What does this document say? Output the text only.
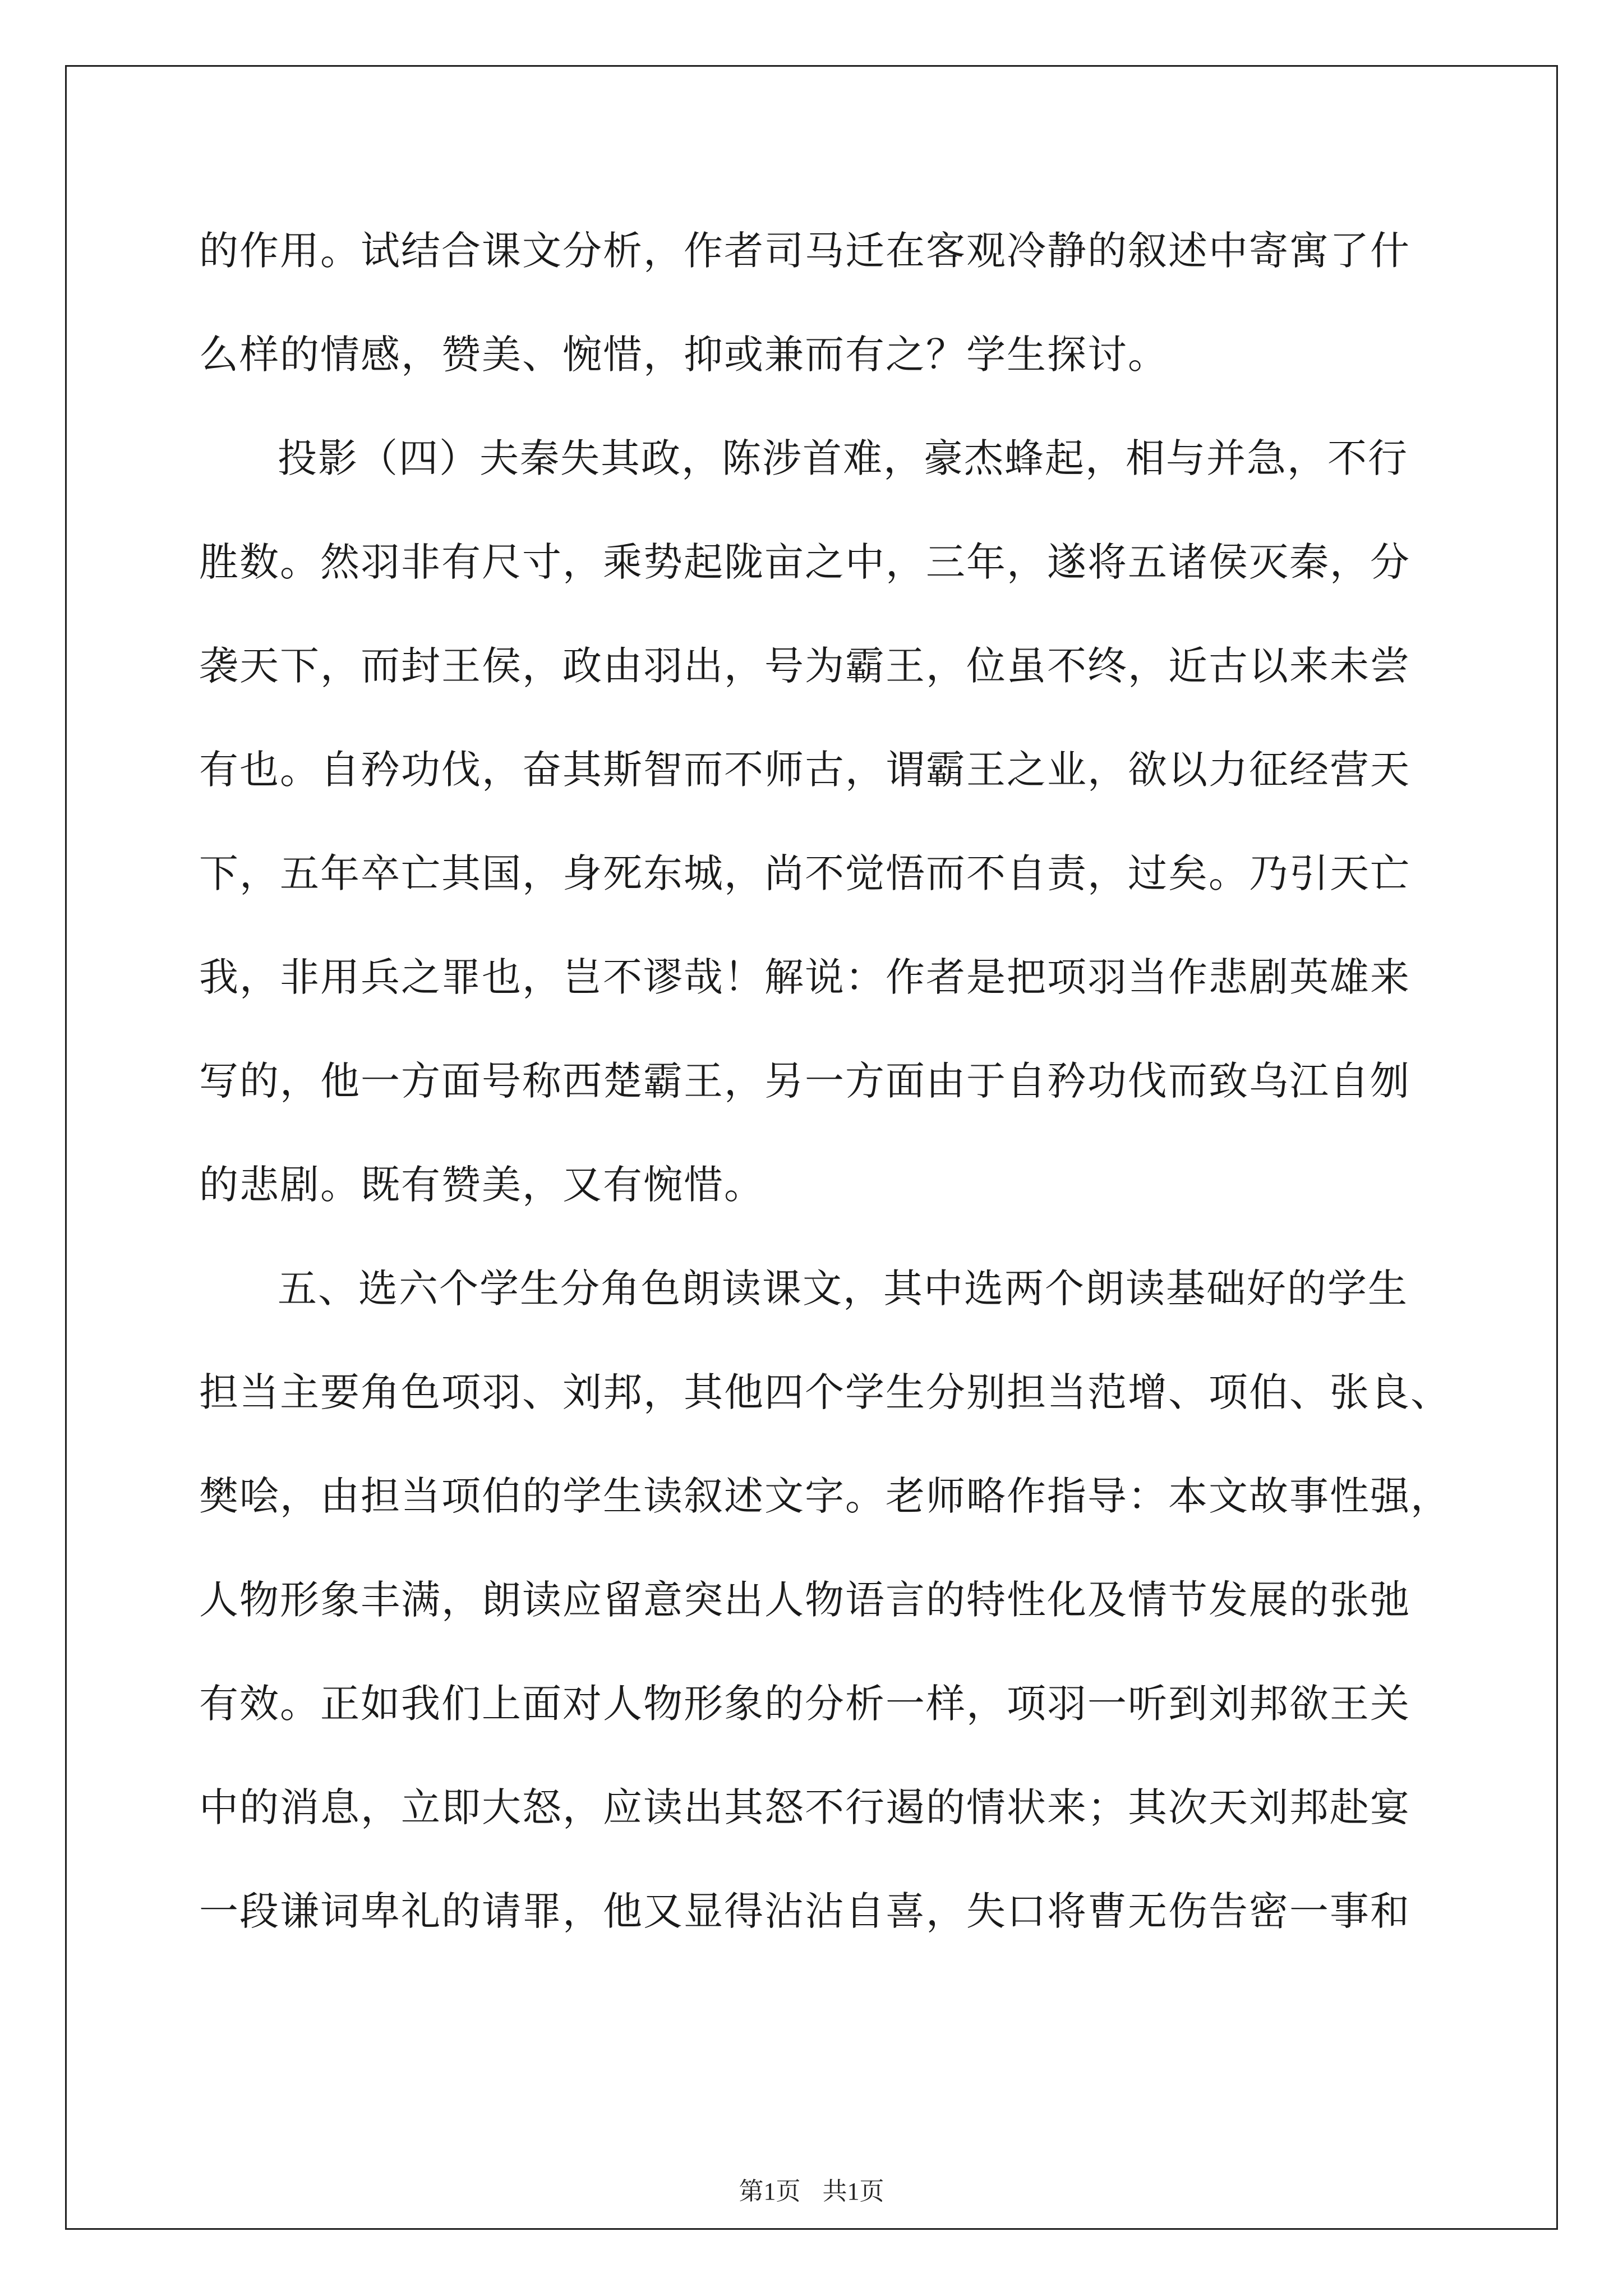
的作用。试结合课文分析，作者司马迁在客观冷静的叙述中寄寓了什
么样的情感，赞美、惋惜，抑或兼而有之？学生探讨。
投影（四）夫秦失其政，陈涉首难，豪杰蜂起，相与并急，不行
胜数。然羽非有尺寸，乘势起陇亩之中，三年，遂将五诸侯灭秦，分
袭天下，而封王侯，政由羽出，号为霸王，位虽不终，近古以来未尝
有也。自矜功伐，奋其斯智而不师古，谓霸王之业，欲以力征经营天
下，五年卒亡其国，身死东城，尚不觉悟而不自责，过矣。乃引天亡
我，非用兵之罪也，岂不谬哉！解说：作者是把项羽当作悲剧英雄来
写的，他一方面号称西楚霸王，另一方面由于自矜功伐而致乌江自刎
的悲剧。既有赞美，又有惋惜。
五、选六个学生分角色朗读课文，其中选两个朗读基础好的学生
担当主要角色项羽、刘邦，其他四个学生分别担当范增、项伯、张良、
樊哙，由担当项伯的学生读叙述文字。老师略作指导：本文故事性强，
人物形象丰满，朗读应留意突出人物语言的特性化及情节发展的张弛
有效。正如我们上面对人物形象的分析一样，项羽一听到刘邦欲王关
中的消息，立即大怒，应读出其怒不行遏的情状来；其次天刘邦赴宴
一段谦词卑礼的请罪，他又显得沾沾自喜，失口将曹无伤告密一事和
第1页 共1页
